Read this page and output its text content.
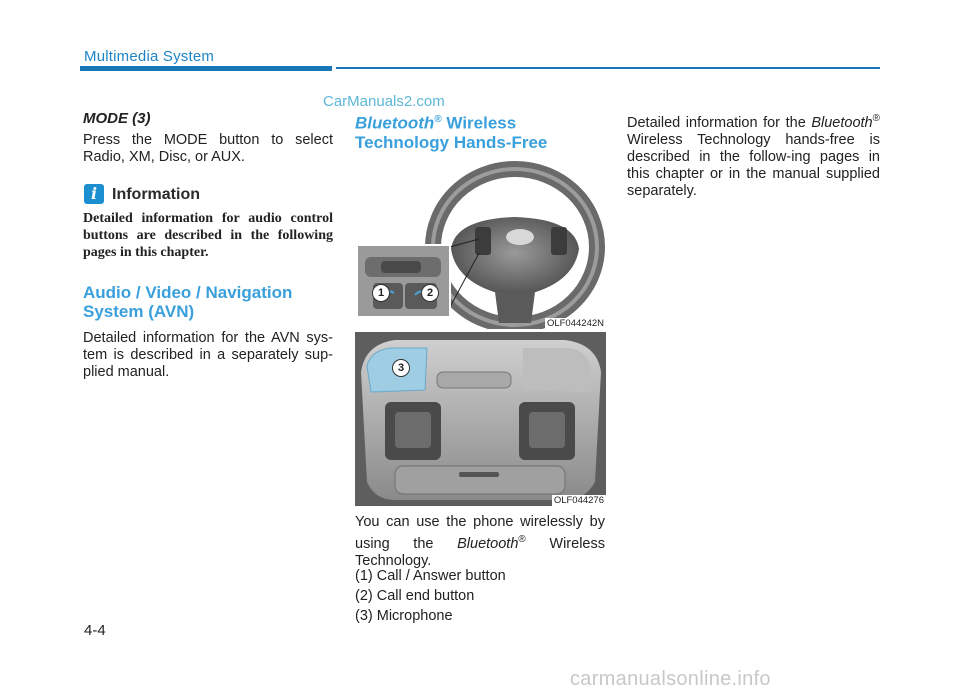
Multimedia System
CarManuals2.com
MODE (3)
Press the MODE button to select Radio, XM, Disc, or AUX.
i Information
Detailed information for audio control buttons are described in the following pages in this chapter.
Audio / Video / Navigation
System (AVN)
Detailed information for the AVN sys-tem is described in a separately sup-plied manual.
Bluetooth® Wireless
Technology Hands-Free
1	2
OLF044242N
3
OLF044276
You can use the phone wirelessly by using the Bluetooth® Wireless Technology.
(1) Call / Answer button
(2) Call end button
(3) Microphone
Detailed information for the Bluetooth® Wireless Technology hands-free is described in the follow-ing pages in this chapter or in the manual supplied separately.
4-4
carmanualsonline.info
